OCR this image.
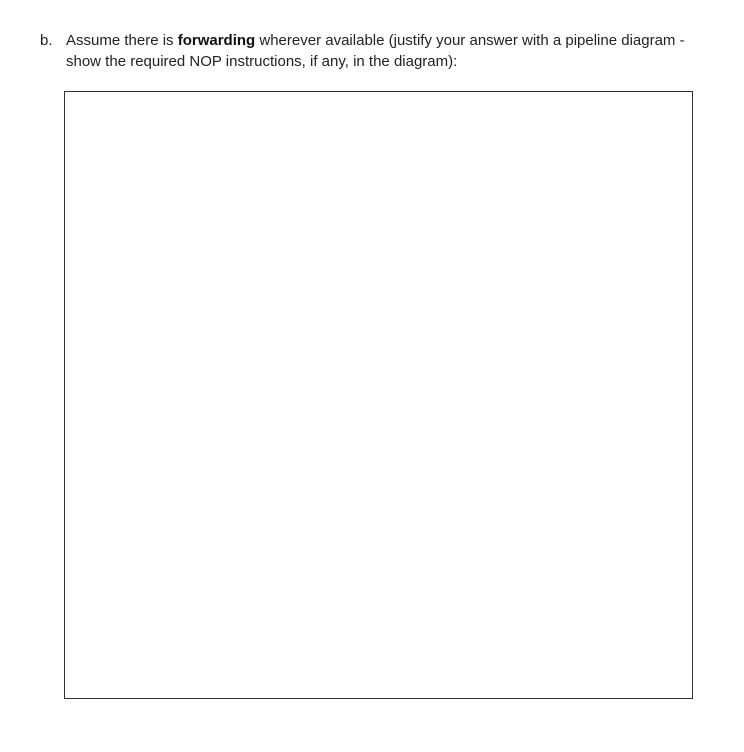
b. Assume there is forwarding wherever available (justify your answer with a pipeline diagram - show the required NOP instructions, if any, in the diagram):
